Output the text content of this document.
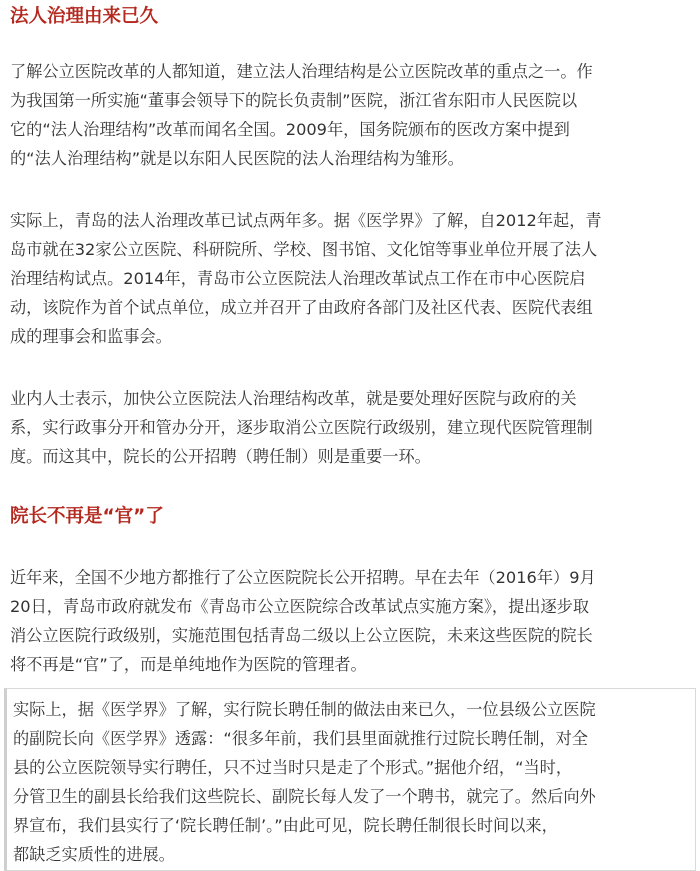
法人治理由来已久
了解公立医院改革的人都知道，建立法人治理结构是公立医院改革的重点之一。作
为我国第一所实施“董事会领导下的院长负责制”医院，浙江省东阳市人民医院以
它的“法人治理结构”改革而闻名全国。2009年，国务院颁布的医改方案中提到
的“法人治理结构”就是以东阳人民医院的法人治理结构为雏形。
实际上，青岛的法人治理改革已试点两年多。据《医学界》了解，自2012年起，青
岛市就在32家公立医院、科研院所、学校、图书馆、文化馆等事业单位开展了法人
治理结构试点。2014年，青岛市公立医院法人治理改革试点工作在市中心医院启
动，该院作为首个试点单位，成立并召开了由政府各部门及社区代表、医院代表组
成的理事会和监事会。
业内人士表示，加快公立医院法人治理结构改革，就是要处理好医院与政府的关
系，实行政事分开和管办分开，逐步取消公立医院行政级别，建立现代医院管理制
度。而这其中，院长的公开招聘（聘任制）则是重要一环。
院长不再是“官”了
近年来，全国不少地方都推行了公立医院院长公开招聘。早在去年（2016年）9月
20日，青岛市政府就发布《青岛市公立医院综合改革试点实施方案》，提出逐步取
消公立医院行政级别，实施范围包括青岛二级以上公立医院，未来这些医院的院长
将不再是“官”了，而是单纯地作为医院的管理者。
实际上，据《医学界》了解，实行院长聘任制的做法由来已久，一位县级公立医院
的副院长向《医学界》透露：“很多年前，我们县里面就推行过院长聘任制，对全
县的公立医院领导实行聘任，只不过当时只是走了个形式。”据他介绍，“当时，
分管卫生的副县长给我们这些院长、副院长每人发了一个聘书，就完了。然后向外
界宣布，我们县实行了‘院长聘任制’。”由此可见，院长聘任制很长时间以来，
都缺乏实质性的进展。
